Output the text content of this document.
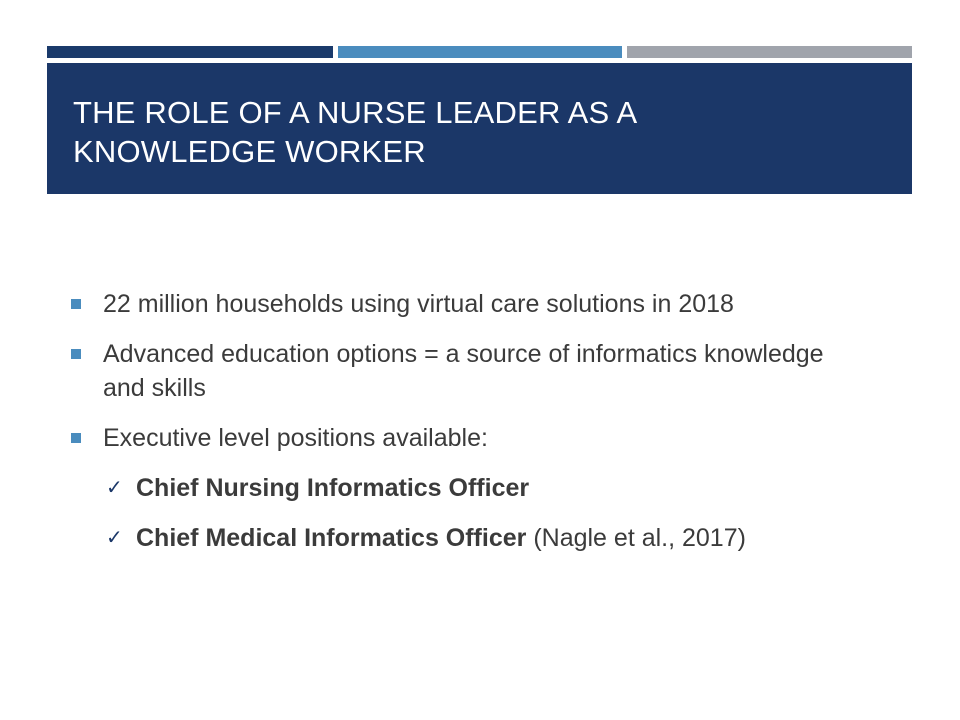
THE ROLE OF A NURSE LEADER AS A
KNOWLEDGE WORKER
22 million households using virtual care solutions in 2018
Advanced education options = a source of informatics knowledge and skills
Executive level positions available:
✓ Chief Nursing Informatics Officer
✓ Chief Medical Informatics Officer (Nagle et al., 2017)
